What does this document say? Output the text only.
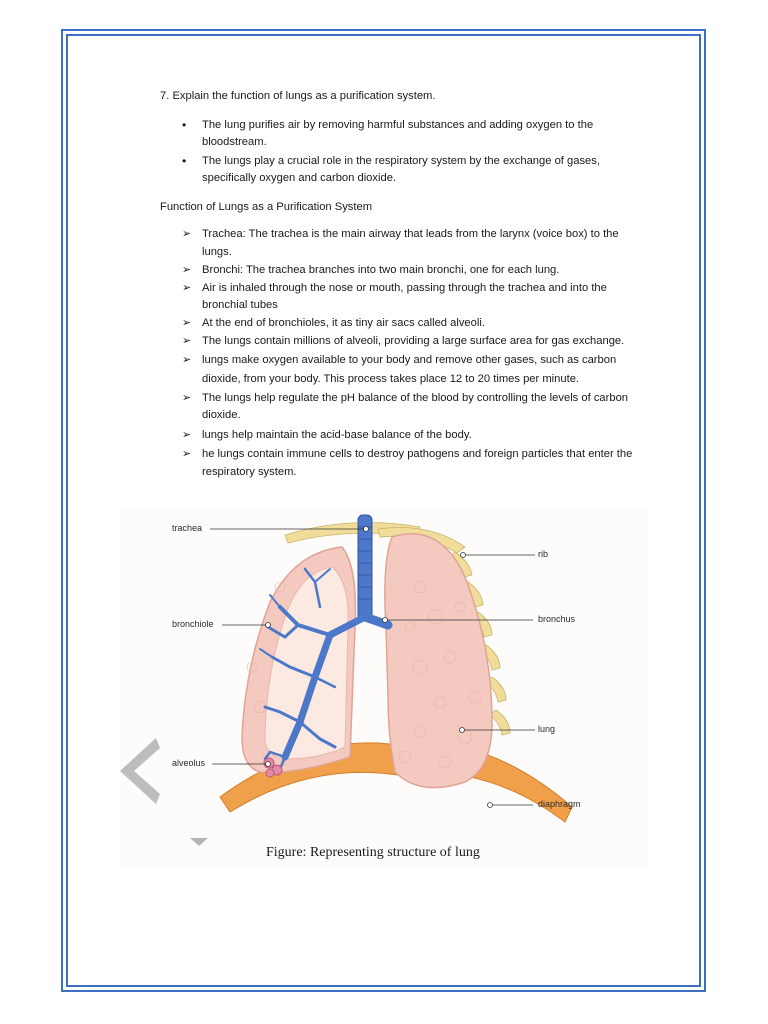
7. Explain the function of lungs as a purification system.

• The lung purifies air by removing harmful substances and adding oxygen to the bloodstream.
• The lungs play a crucial role in the respiratory system by the exchange of gases, specifically oxygen and carbon dioxide.

Function of Lungs as a Purification System

➢ Trachea: The trachea is the main airway that leads from the larynx (voice box) to the lungs.
➢ Bronchi: The trachea branches into two main bronchi, one for each lung.
➢ Air is inhaled through the nose or mouth, passing through the trachea and into the bronchial tubes
➢ At the end of bronchioles, it as tiny air sacs called alveoli.
➢ The lungs contain millions of alveoli, providing a large surface area for gas exchange.
➢ lungs make oxygen available to your body and remove other gases, such as carbon dioxide, from your body. This process takes place 12 to 20 times per minute.
➢ The lungs help regulate the pH balance of the blood by controlling the levels of carbon dioxide.
➢ lungs help maintain the acid-base balance of the body.
➢ he lungs contain immune cells to destroy pathogens and foreign particles that enter the respiratory system.
trachea
rib
bronchiole	bronchus
lung
alveolus
diaphragm
Figure: Representing structure of lung
